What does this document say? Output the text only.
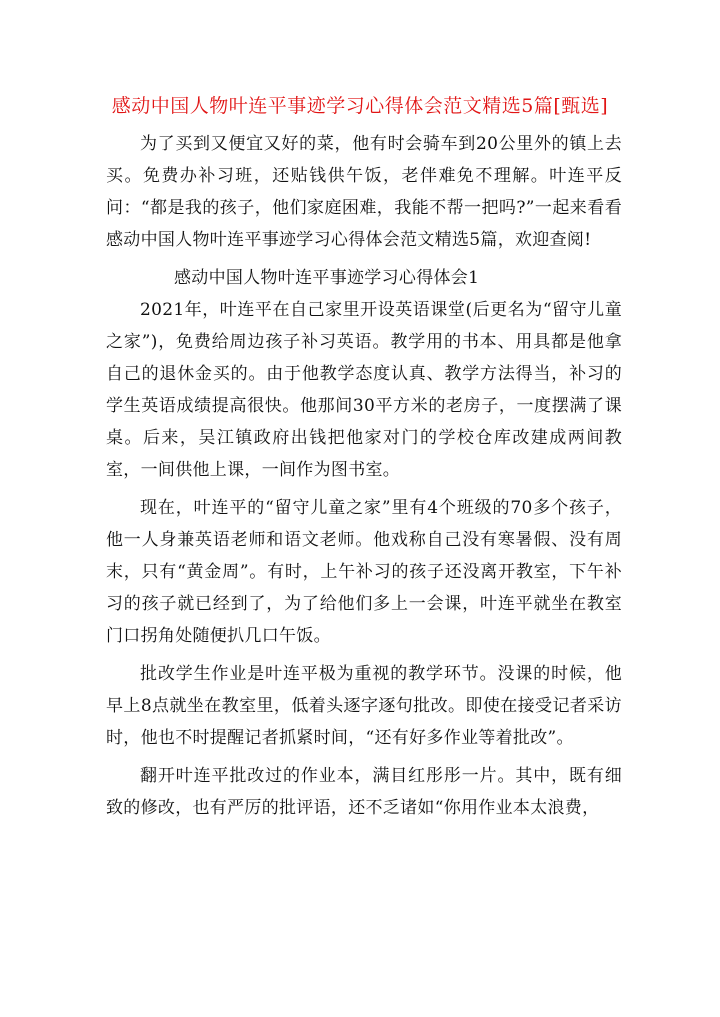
感动中国人物叶连平事迹学习心得体会范文精选5篇[甄选]

为了买到又便宜又好的菜，他有时会骑车到20公里外的镇上去买。免费办补习班，还贴钱供午饭，老伴难免不理解。叶连平反问：“都是我的孩子，他们家庭困难，我能不帮一把吗?”一起来看看感动中国人物叶连平事迹学习心得体会范文精选5篇，欢迎查阅!

感动中国人物叶连平事迹学习心得体会1

2021年，叶连平在自己家里开设英语课堂(后更名为“留守儿童之家”)，免费给周边孩子补习英语。教学用的书本、用具都是他拿自己的退休金买的。由于他教学态度认真、教学方法得当，补习的学生英语成绩提高很快。他那间30平方米的老房子，一度摆满了课桌。后来，吴江镇政府出钱把他家对门的学校仓库改建成两间教室，一间供他上课，一间作为图书室。

现在，叶连平的“留守儿童之家”里有4个班级的70多个孩子，他一人身兼英语老师和语文老师。他戏称自己没有寒暑假、没有周末，只有“黄金周”。有时，上午补习的孩子还没离开教室，下午补习的孩子就已经到了，为了给他们多上一会课，叶连平就坐在教室门口拐角处随便扒几口午饭。

批改学生作业是叶连平极为重视的教学环节。没课的时候，他早上8点就坐在教室里，低着头逐字逐句批改。即使在接受记者采访时，他也不时提醒记者抓紧时间，“还有好多作业等着批改”。

翻开叶连平批改过的作业本，满目红彤彤一片。其中，既有细致的修改，也有严厉的批评语，还不乏诸如“你用作业本太浪费，
